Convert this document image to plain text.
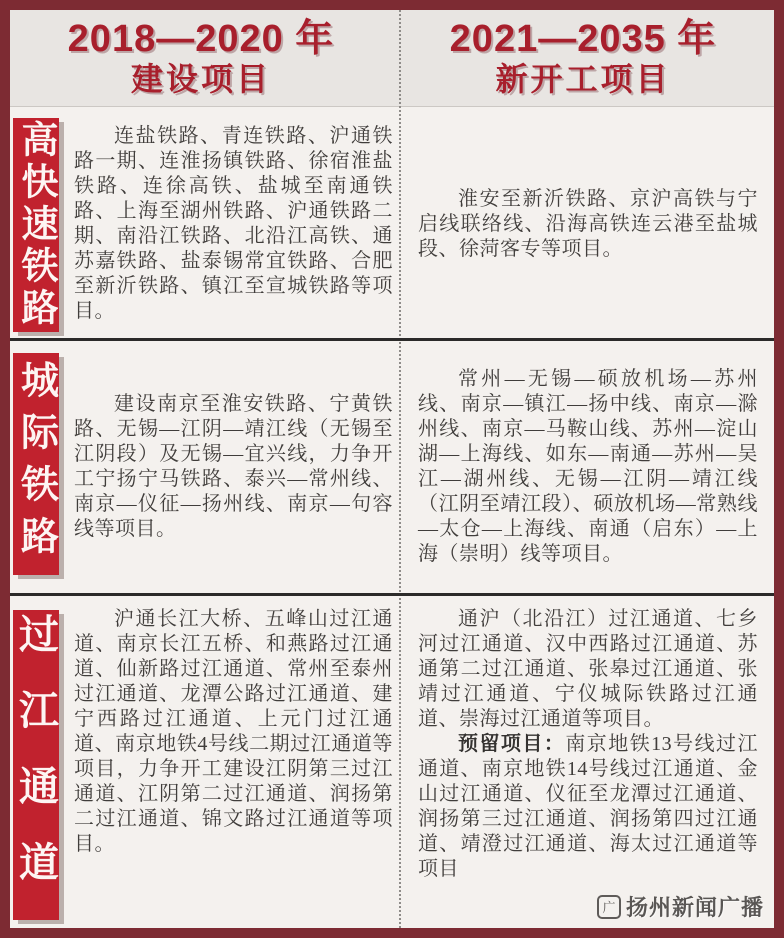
2018—2020 年
建设项目
2021—2035 年
新开工项目
高快速铁路
城际铁路
过江通道

连盐铁路、青连铁路、沪通铁路一期、连淮扬镇铁路、徐宿淮盐铁路、连徐高铁、盐城至南通铁路、上海至湖州铁路、沪通铁路二期、南沿江铁路、北沿江高铁、通苏嘉铁路、盐泰锡常宜铁路、合肥至新沂铁路、镇江至宣城铁路等项目。

淮安至新沂铁路、京沪高铁与宁启线联络线、沿海高铁连云港至盐城段、徐菏客专等项目。

建设南京至淮安铁路、宁黄铁路、无锡—江阴—靖江线（无锡至江阴段）及无锡—宜兴线，力争开工宁扬宁马铁路、泰兴—常州线、南京—仪征—扬州线、南京—句容线等项目。

常州—无锡—硕放机场—苏州线、南京—镇江—扬中线、南京—滁州线、南京—马鞍山线、苏州—淀山湖—上海线、如东—南通—苏州—吴江—湖州线、无锡—江阴—靖江线（江阴至靖江段）、硕放机场—常熟线—太仓—上海线、南通（启东）—上海（崇明）线等项目。

沪通长江大桥、五峰山过江通道、南京长江五桥、和燕路过江通道、仙新路过江通道、常州至泰州过江通道、龙潭公路过江通道、建宁西路过江通道、上元门过江通道、南京地铁4号线二期过江通道等项目，力争开工建设江阴第三过江通道、江阴第二过江通道、润扬第二过江通道、锦文路过江通道等项目。

通沪（北沿江）过江通道、七乡河过江通道、汉中西路过江通道、苏通第二过江通道、张皋过江通道、张靖过江通道、宁仪城际铁路过江通道、崇海过江通道等项目。

预留项目：南京地铁13号线过江通道、南京地铁14号线过江通道、金山过江通道、仪征至龙潭过江通道、润扬第三过江通道、润扬第四过江通道、靖澄过江通道、海太过江通道等项目

广 扬州新闻广播
